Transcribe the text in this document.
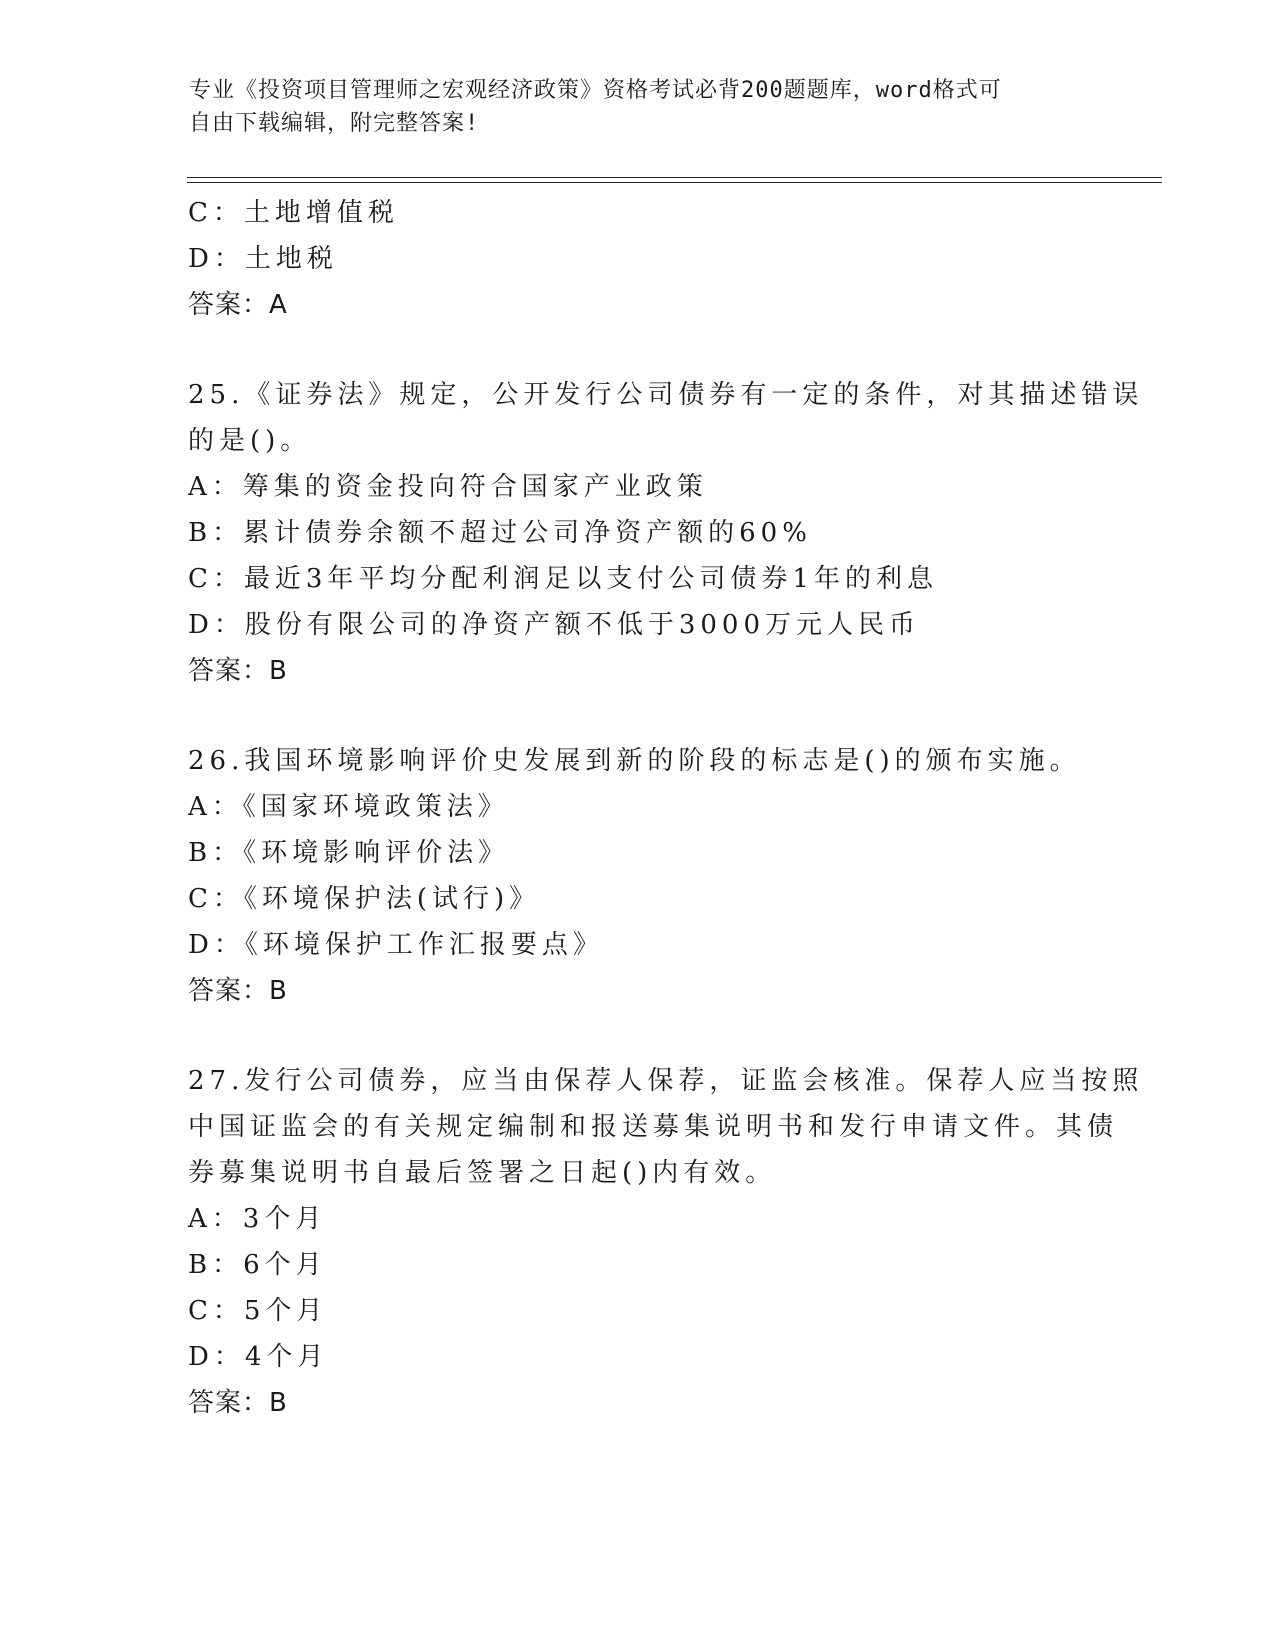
专业《投资项目管理师之宏观经济政策》资格考试必背200题题库，word格式可
自由下载编辑，附完整答案!
C：土地增值税
D：土地税
答案：A
25.《证券法》规定，公开发行公司债券有一定的条件，对其描述错误
的是()。
A：筹集的资金投向符合国家产业政策
B：累计债券余额不超过公司净资产额的60%
C：最近3年平均分配利润足以支付公司债券1年的利息
D：股份有限公司的净资产额不低于3000万元人民币
答案：B
26.我国环境影响评价史发展到新的阶段的标志是()的颁布实施。
A：《国家环境政策法》
B：《环境影响评价法》
C：《环境保护法(试行)》
D：《环境保护工作汇报要点》
答案：B
27.发行公司债券，应当由保荐人保荐，证监会核准。保荐人应当按照
中国证监会的有关规定编制和报送募集说明书和发行申请文件。其债
券募集说明书自最后签署之日起()内有效。
A：3个月
B：6个月
C：5个月
D：4个月
答案：B
